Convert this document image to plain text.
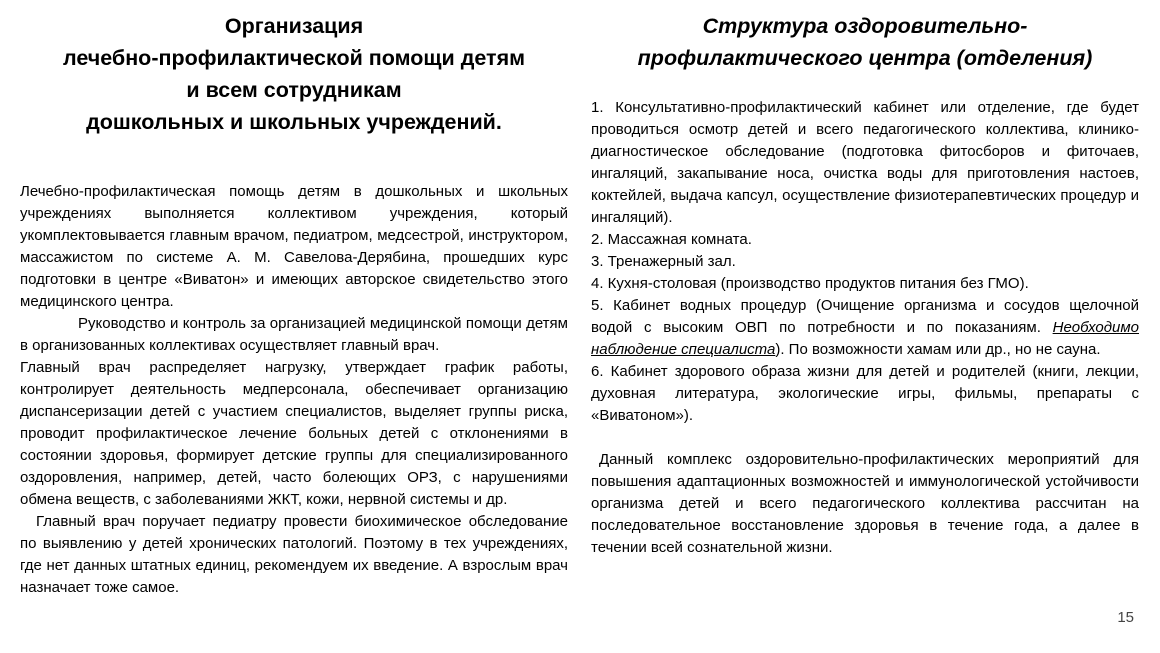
Организация
лечебно-профилактической помощи детям
и всем сотрудникам
дошкольных и школьных учреждений.

Лечебно-профилактическая помощь детям в дошкольных и школьных учреждениях выполняется коллективом учреждения, который укомплектовывается главным врачом, педиатром, медсестрой, инструктором, массажистом по системе А. М. Савелова-Дерябина, прошедших курс подготовки в центре «Виватон» и имеющих авторское свидетельство этого медицинского центра.

Руководство и контроль за организацией медицинской помощи детям в организованных коллективах осуществляет главный врач.

Главный врач распределяет нагрузку, утверждает график работы, контролирует деятельность медперсонала, обеспечивает организацию диспансеризации детей с участием специалистов, выделяет группы риска, проводит профилактическое лечение больных детей с отклонениями в состоянии здоровья, формирует детские группы для специализированного оздоровления, например, детей, часто болеющих ОРЗ, с нарушениями обмена веществ, с заболеваниями ЖКТ, кожи, нервной системы и др.

Главный врач поручает педиатру провести биохимическое обследование по выявлению у детей хронических патологий. Поэтому в тех учреждениях, где нет данных штатных единиц, рекомендуем их введение. А взрослым врач назначает тоже самое.

Структура оздоровительно-
профилактического центра (отделения)

1. Консультативно-профилактический кабинет или отделение, где будет проводиться осмотр детей и всего педагогического коллектива, клинико-диагностическое обследование (подготовка фитосборов и фиточаев, ингаляций, закапывание носа, очистка воды для приготовления настоев, коктейлей, выдача капсул, осуществление физиотерапевтических процедур и ингаляций).

2. Массажная комната.

3. Тренажерный зал.

4. Кухня-столовая (производство продуктов питания без ГМО).

5. Кабинет водных процедур (Очищение организма и сосудов щелочной водой с высоким ОВП по потребности и по показаниям. Необходимо наблюдение специалиста). По возможности хамам или др., но не сауна.

6. Кабинет здорового образа жизни для детей и родителей (книги, лекции, духовная литература, экологические игры, фильмы, препараты с «Виватоном»).

Данный комплекс оздоровительно-профилактических мероприятий для повышения адаптационных возможностей и иммунологической устойчивости организма детей и всего педагогического коллектива рассчитан на последовательное восстановление здоровья в течение года, а далее в течении всей сознательной жизни.

15
